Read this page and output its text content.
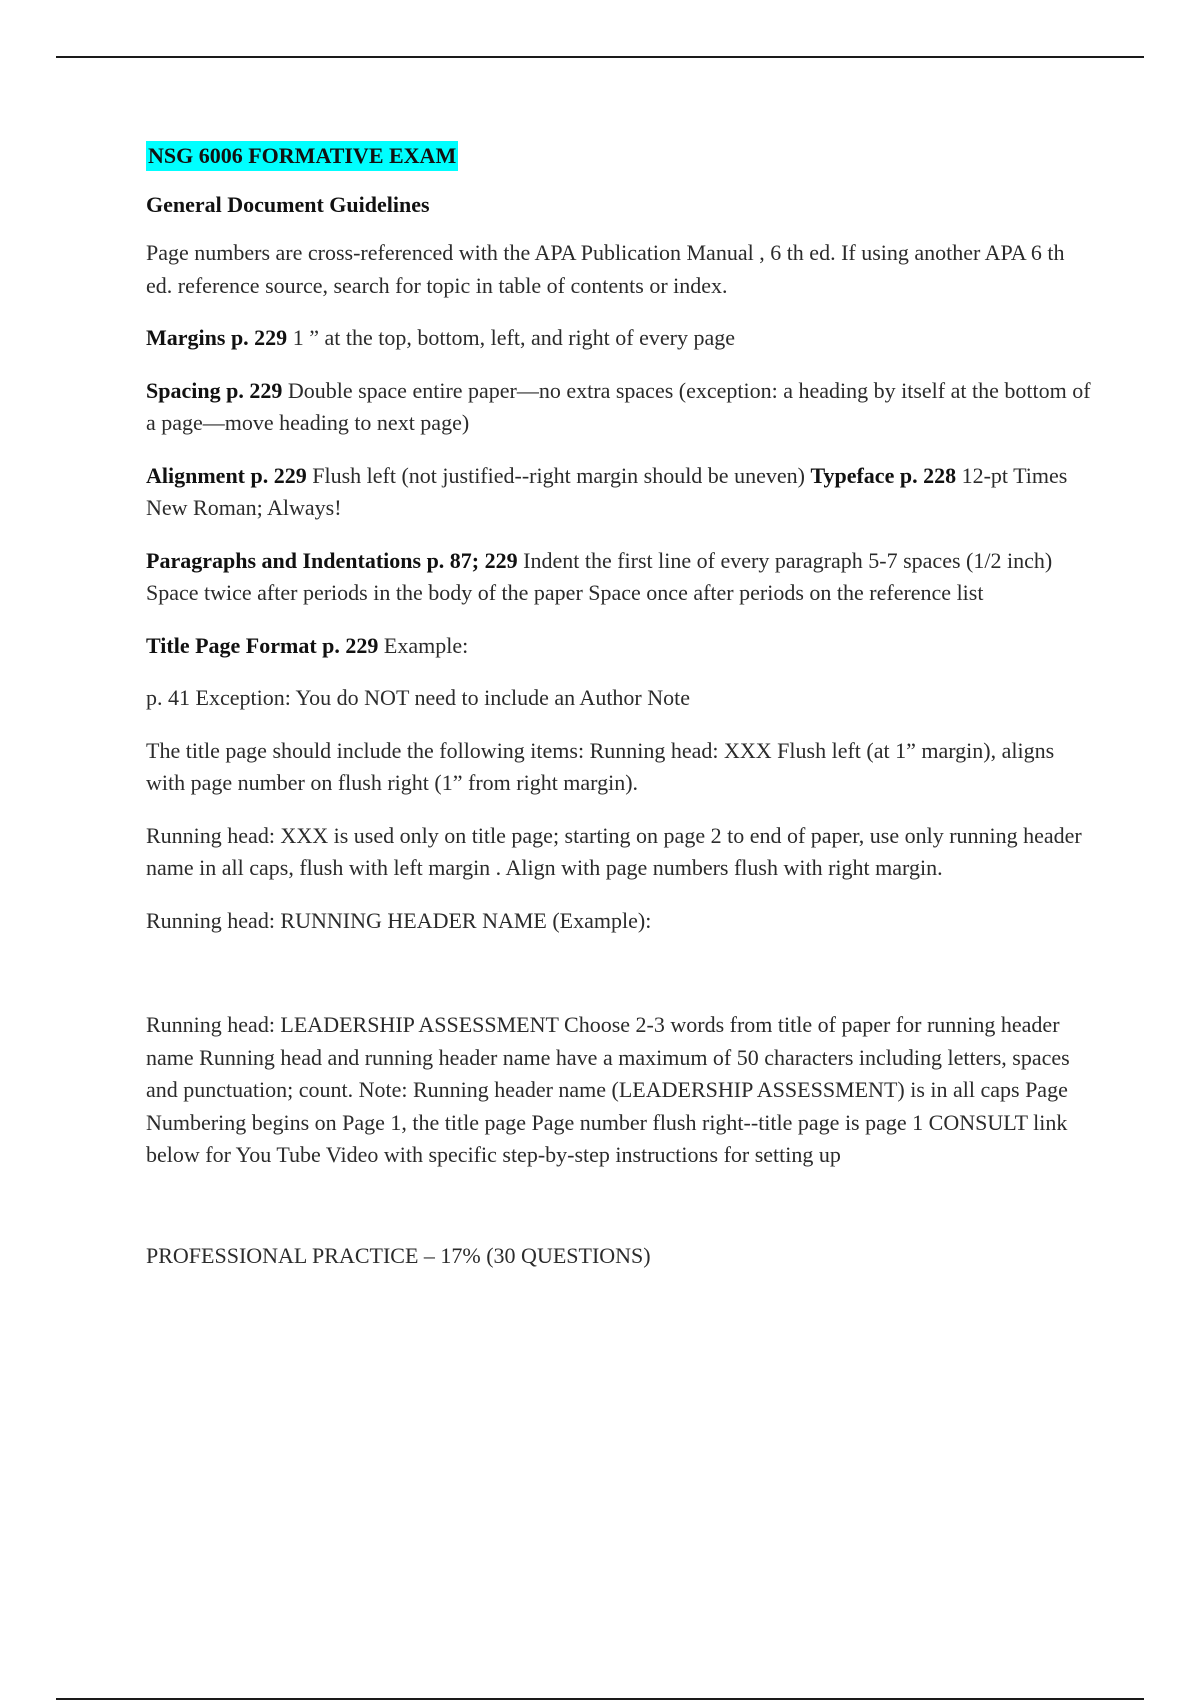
NSG 6006 FORMATIVE EXAM

General Document Guidelines

Page numbers are cross-referenced with the APA Publication Manual , 6 th ed. If using another APA 6 th ed. reference source, search for topic in table of contents or index.

Margins p. 229 1 ” at the top, bottom, left, and right of every page

Spacing p. 229 Double space entire paper—no extra spaces (exception: a heading by itself at the bottom of a page—move heading to next page)

Alignment p. 229 Flush left (not justified--right margin should be uneven) Typeface p. 228 12-pt Times New Roman; Always!

Paragraphs and Indentations p. 87; 229 Indent the first line of every paragraph 5-7 spaces (1/2 inch) Space twice after periods in the body of the paper Space once after periods on the reference list

Title Page Format p. 229 Example:

p. 41 Exception: You do NOT need to include an Author Note

The title page should include the following items: Running head: XXX Flush left (at 1” margin), aligns with page number on flush right (1” from right margin).

Running head: XXX is used only on title page; starting on page 2 to end of paper, use only running header name in all caps, flush with left margin . Align with page numbers flush with right margin.

Running head: RUNNING HEADER NAME (Example):

Running head: LEADERSHIP ASSESSMENT Choose 2-3 words from title of paper for running header name Running head and running header name have a maximum of 50 characters including letters, spaces and punctuation; count. Note: Running header name (LEADERSHIP ASSESSMENT) is in all caps Page Numbering begins on Page 1, the title page Page number flush right--title page is page 1 CONSULT link below for You Tube Video with specific step-by-step instructions for setting up

PROFESSIONAL PRACTICE – 17% (30 QUESTIONS)
